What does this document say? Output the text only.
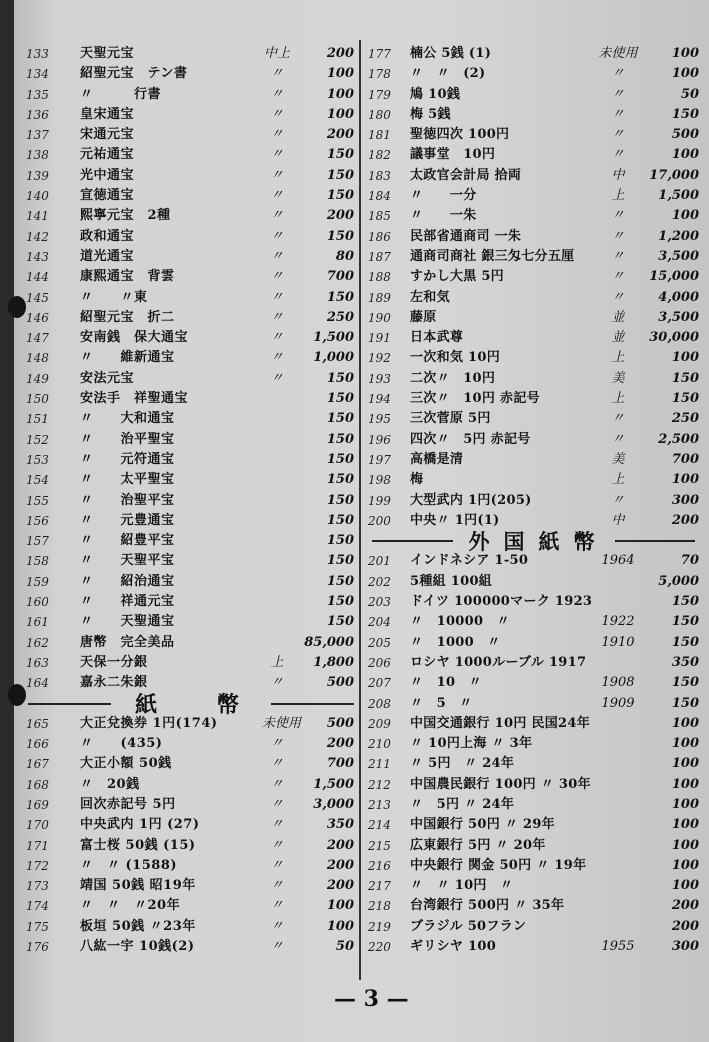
133 天聖元宝	中上	200
134 紹聖元宝　テン書	〃	100
135 〃　　　行書	〃	100
136 皇宋通宝	〃	100
137 宋通元宝	〃	200
138 元祐通宝	〃	150
139 光中通宝	〃	150
140 宣徳通宝	〃	150
141 熙寧元宝　2種	〃	200
142 政和通宝	〃	150
143 道光通宝	〃	80
144 康熙通宝　背雲	〃	700
145 〃　　〃東	〃	150
146 紹聖元宝　折二	〃	250
147 安南銭　保大通宝	〃	1,500
148 〃　　維新通宝	〃	1,000
149 安法元宝	〃	150
150 安法手　祥聖通宝	150
151 〃　　大和通宝	150
152 〃　　治平聖宝	150
153 〃　　元符通宝	150
154 〃　　太平聖宝	150
155 〃　　治聖平宝	150
156 〃　　元豊通宝	150
157 〃　　紹豊平宝	150
158 〃　　天聖平宝	150
159 〃　　紹治通宝	150
160 〃　　祥通元宝	150
161 〃　　天聖通宝	150
162 唐幣　完全美品	85,000
163 天保一分銀	上	1,800
164 嘉永二朱銀	〃	500
紙 幣
165 大正兌換券 1円(174)	未使用 500
166 〃　　(435)	〃	200
167 大正小額 50銭	〃	700
168 〃　20銭	〃	1,500
169 回次赤記号 5円	〃	3,000
170 中央武内 1円 (27)	〃	350
171 富士桜 50銭 (15)	〃	200
172 〃　〃 (1588)	〃	200
173 靖国 50銭 昭19年	〃	200
174 〃　〃　〃20年	〃	100
175 板垣 50銭 〃23年	〃	100
176 八紘一宇 10銭(2)	〃	50
177 楠公 5銭 (1)	未使用	100
178 〃　〃　(2)	〃	100
179 鳩 10銭	〃	50
180 梅 5銭	〃	150
181 聖徳四次 100円	〃	500
182 議事堂　10円	〃	100
183 太政官会計局 拾両	中	17,000
184 〃　　一分	上	1,500
185 〃　　一朱	〃	100
186 民部省通商司 一朱	〃	1,200
187 通商司商社 銀三匁七分五厘	〃	3,500
188 すかし大黒 5円	〃	15,000
189 左和気	〃	4,000
190 藤原	並	3,500
191 日本武尊	並	30,000
192 一次和気 10円	上	100
193 二次〃　10円	美	150
194 三次〃　10円 赤記号	上	150
195 三次菅原 5円	〃	250
196 四次〃　5円 赤記号	〃	2,500
197 高橋是清	美	700
198 梅	上	100
199 大型武内 1円(205)	〃	300
200 中央〃 1円(1)	中	200
外国紙幣
201 インドネシア 1-50	1964	70
202 5種組 100組	5,000
203 ドイツ 100000マーク 1923	150
204 〃　10000　〃	1922	150
205 〃　1000　〃	1910	150
206 ロシヤ 1000ルーブル 1917	350
207 〃　10　〃	1908	150
208 〃　5　〃	1909	150
209 中国交通銀行 10円 民国24年	100
210 〃 10円上海 〃 3年	100
211 〃 5円　〃 24年	100
212 中国農民銀行 100円 〃 30年	100
213 〃　5円 〃 24年	100
214 中国銀行 50円 〃 29年	100
215 広東銀行 5円 〃 20年	100
216 中央銀行 関金 50円 〃 19年	100
217 〃　〃 10円　〃	100
218 台湾銀行 500円 〃 35年	200
219 ブラジル 50フラン	200
220 ギリシヤ 100	1955	300
— 3 —
